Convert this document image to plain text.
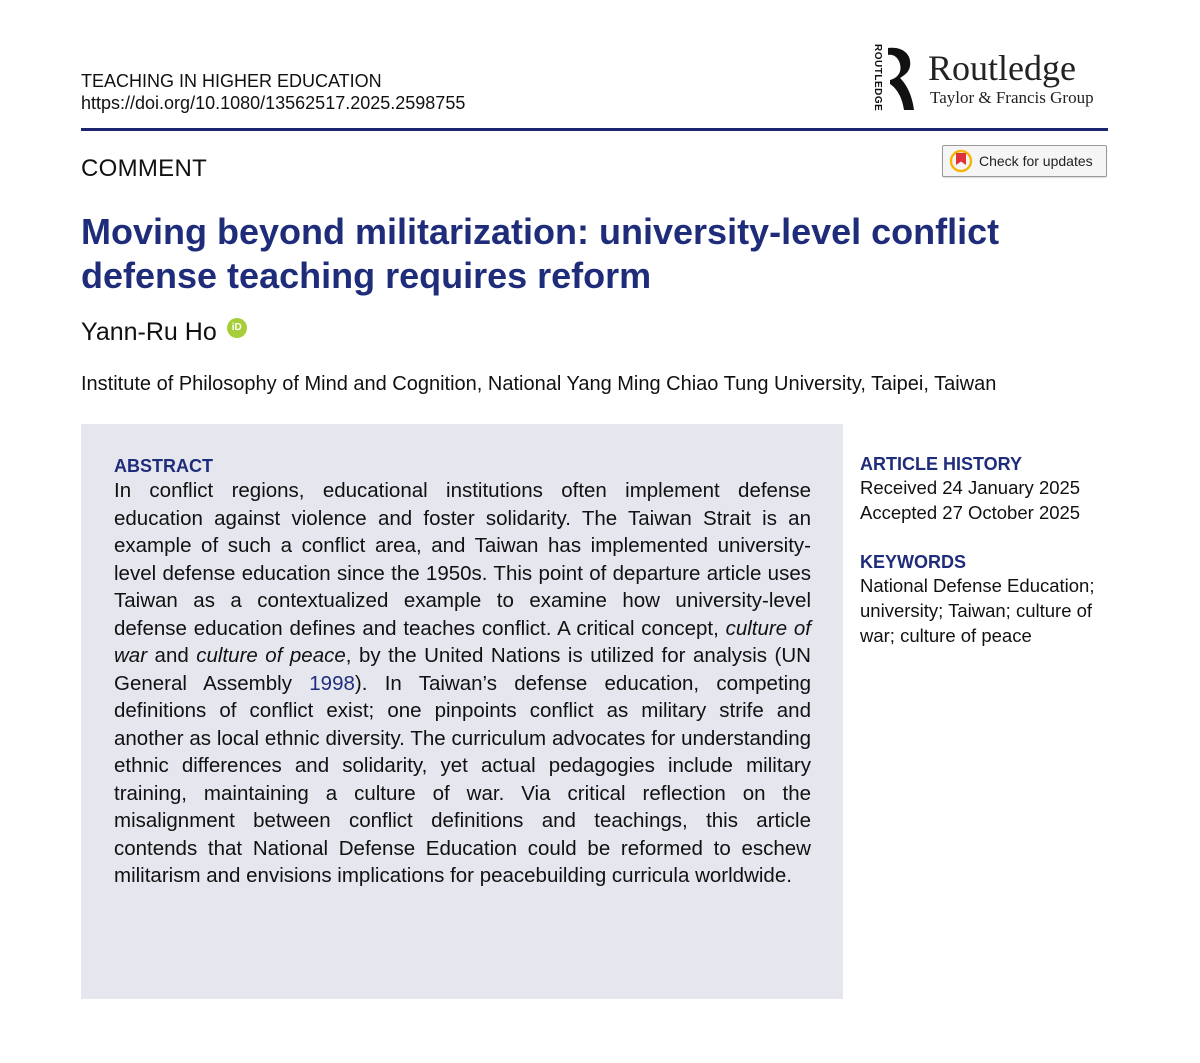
TEACHING IN HIGHER EDUCATION
https://doi.org/10.1080/13562517.2025.2598755	ROUTLEDGE Routledge
Taylor & Francis Group
COMMENT	Check for updates
Moving beyond militarization: university-level conflict defense teaching requires reform
Yann-Ru Ho	iD
Institute of Philosophy of Mind and Cognition, National Yang Ming Chiao Tung University, Taipei, Taiwan
ABSTRACT
In conflict regions, educational institutions often implement defense education against violence and foster solidarity. The Taiwan Strait is an example of such a conflict area, and Taiwan has implemented university-level defense education since the 1950s. This point of departure article uses Taiwan as a contextualized example to examine how university-level defense education defines and teaches conflict. A critical concept, culture of war and culture of peace, by the United Nations is utilized for analysis (UN General Assembly 1998). In Taiwan’s defense education, competing definitions of conflict exist; one pinpoints conflict as military strife and another as local ethnic diversity. The curriculum advocates for understanding ethnic differences and solidarity, yet actual pedagogies include military training, maintaining a culture of war. Via critical reflection on the misalignment between conflict definitions and teachings, this article contends that National Defense Education could be reformed to eschew militarism and envisions implications for peacebuilding curricula worldwide.
ARTICLE HISTORY
Received 24 January 2025
Accepted 27 October 2025
KEYWORDS
National Defense Education; university; Taiwan; culture of war; culture of peace
